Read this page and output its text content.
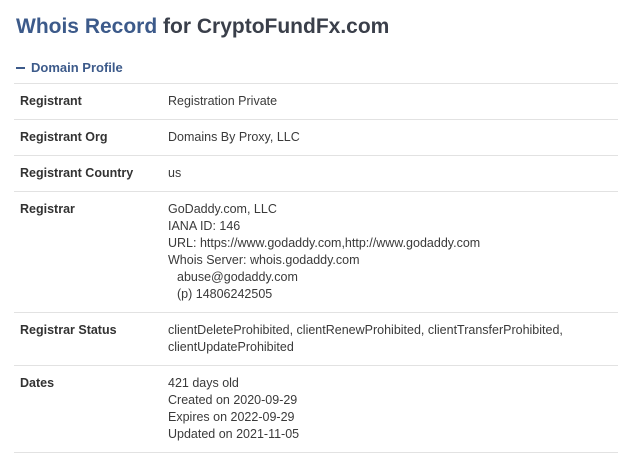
Whois Record for CryptoFundFx.com
Domain Profile
Registrant	Registration Private

Registrant Org	Domains By Proxy, LLC

Registrant Country	us

Registrar	GoDaddy.com, LLC
IANA ID: 146
URL: https://www.godaddy.com,http://www.godaddy.com
Whois Server: whois.godaddy.com
abuse@godaddy.com
(p) 14806242505

Registrar Status	clientDeleteProhibited, clientRenewProhibited, clientTransferProhibited,
clientUpdateProhibited

Dates	421 days old
Created on 2020-09-29
Expires on 2022-09-29
Updated on 2021-11-05
